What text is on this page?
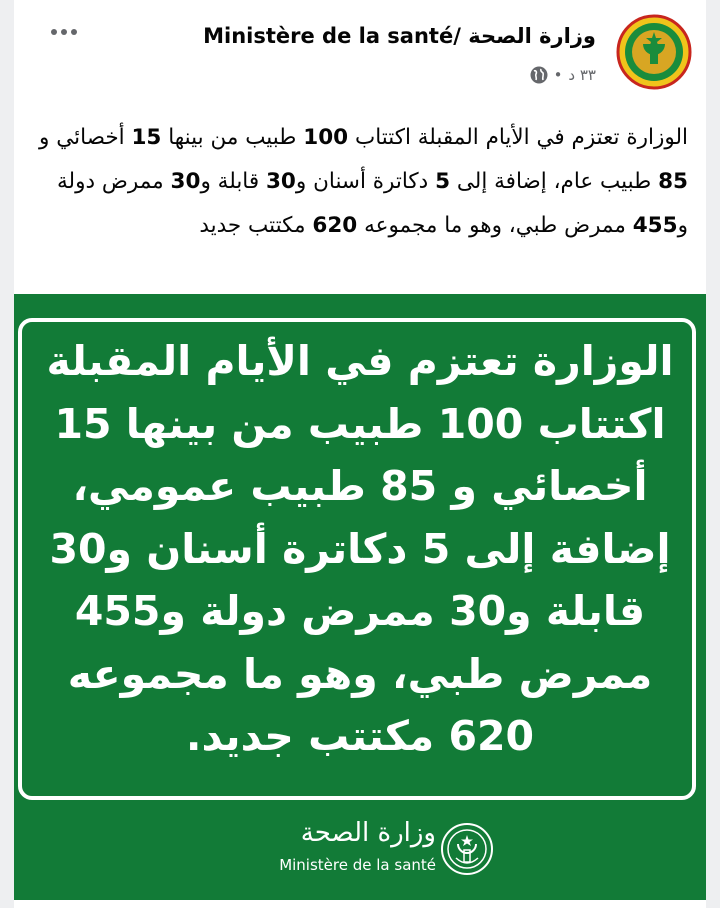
Ministère de la santé/ وزارة الصحة
• ٣٣ د
الوزارة تعتزم في الأيام المقبلة اكتتاب 100 طبيب من بينها 15 أخصائي و 85 طبيب عام، إضافة إلى 5 دكاترة أسنان و30 قابلة و30 ممرض دولة و455 ممرض طبي، وهو ما مجموعه 620 مكتتب جديد
الوزارة تعتزم في الأيام المقبلة
اكتتاب 100 طبيب من بينها 15
أخصائي و 85 طبيب عمومي،
إضافة إلى 5 دكاترة أسنان و30
قابلة و30 ممرض دولة و455
ممرض طبي، وهو ما مجموعه
620 مكتتب جديد.
وزارة الصحة
Ministère de la santé
